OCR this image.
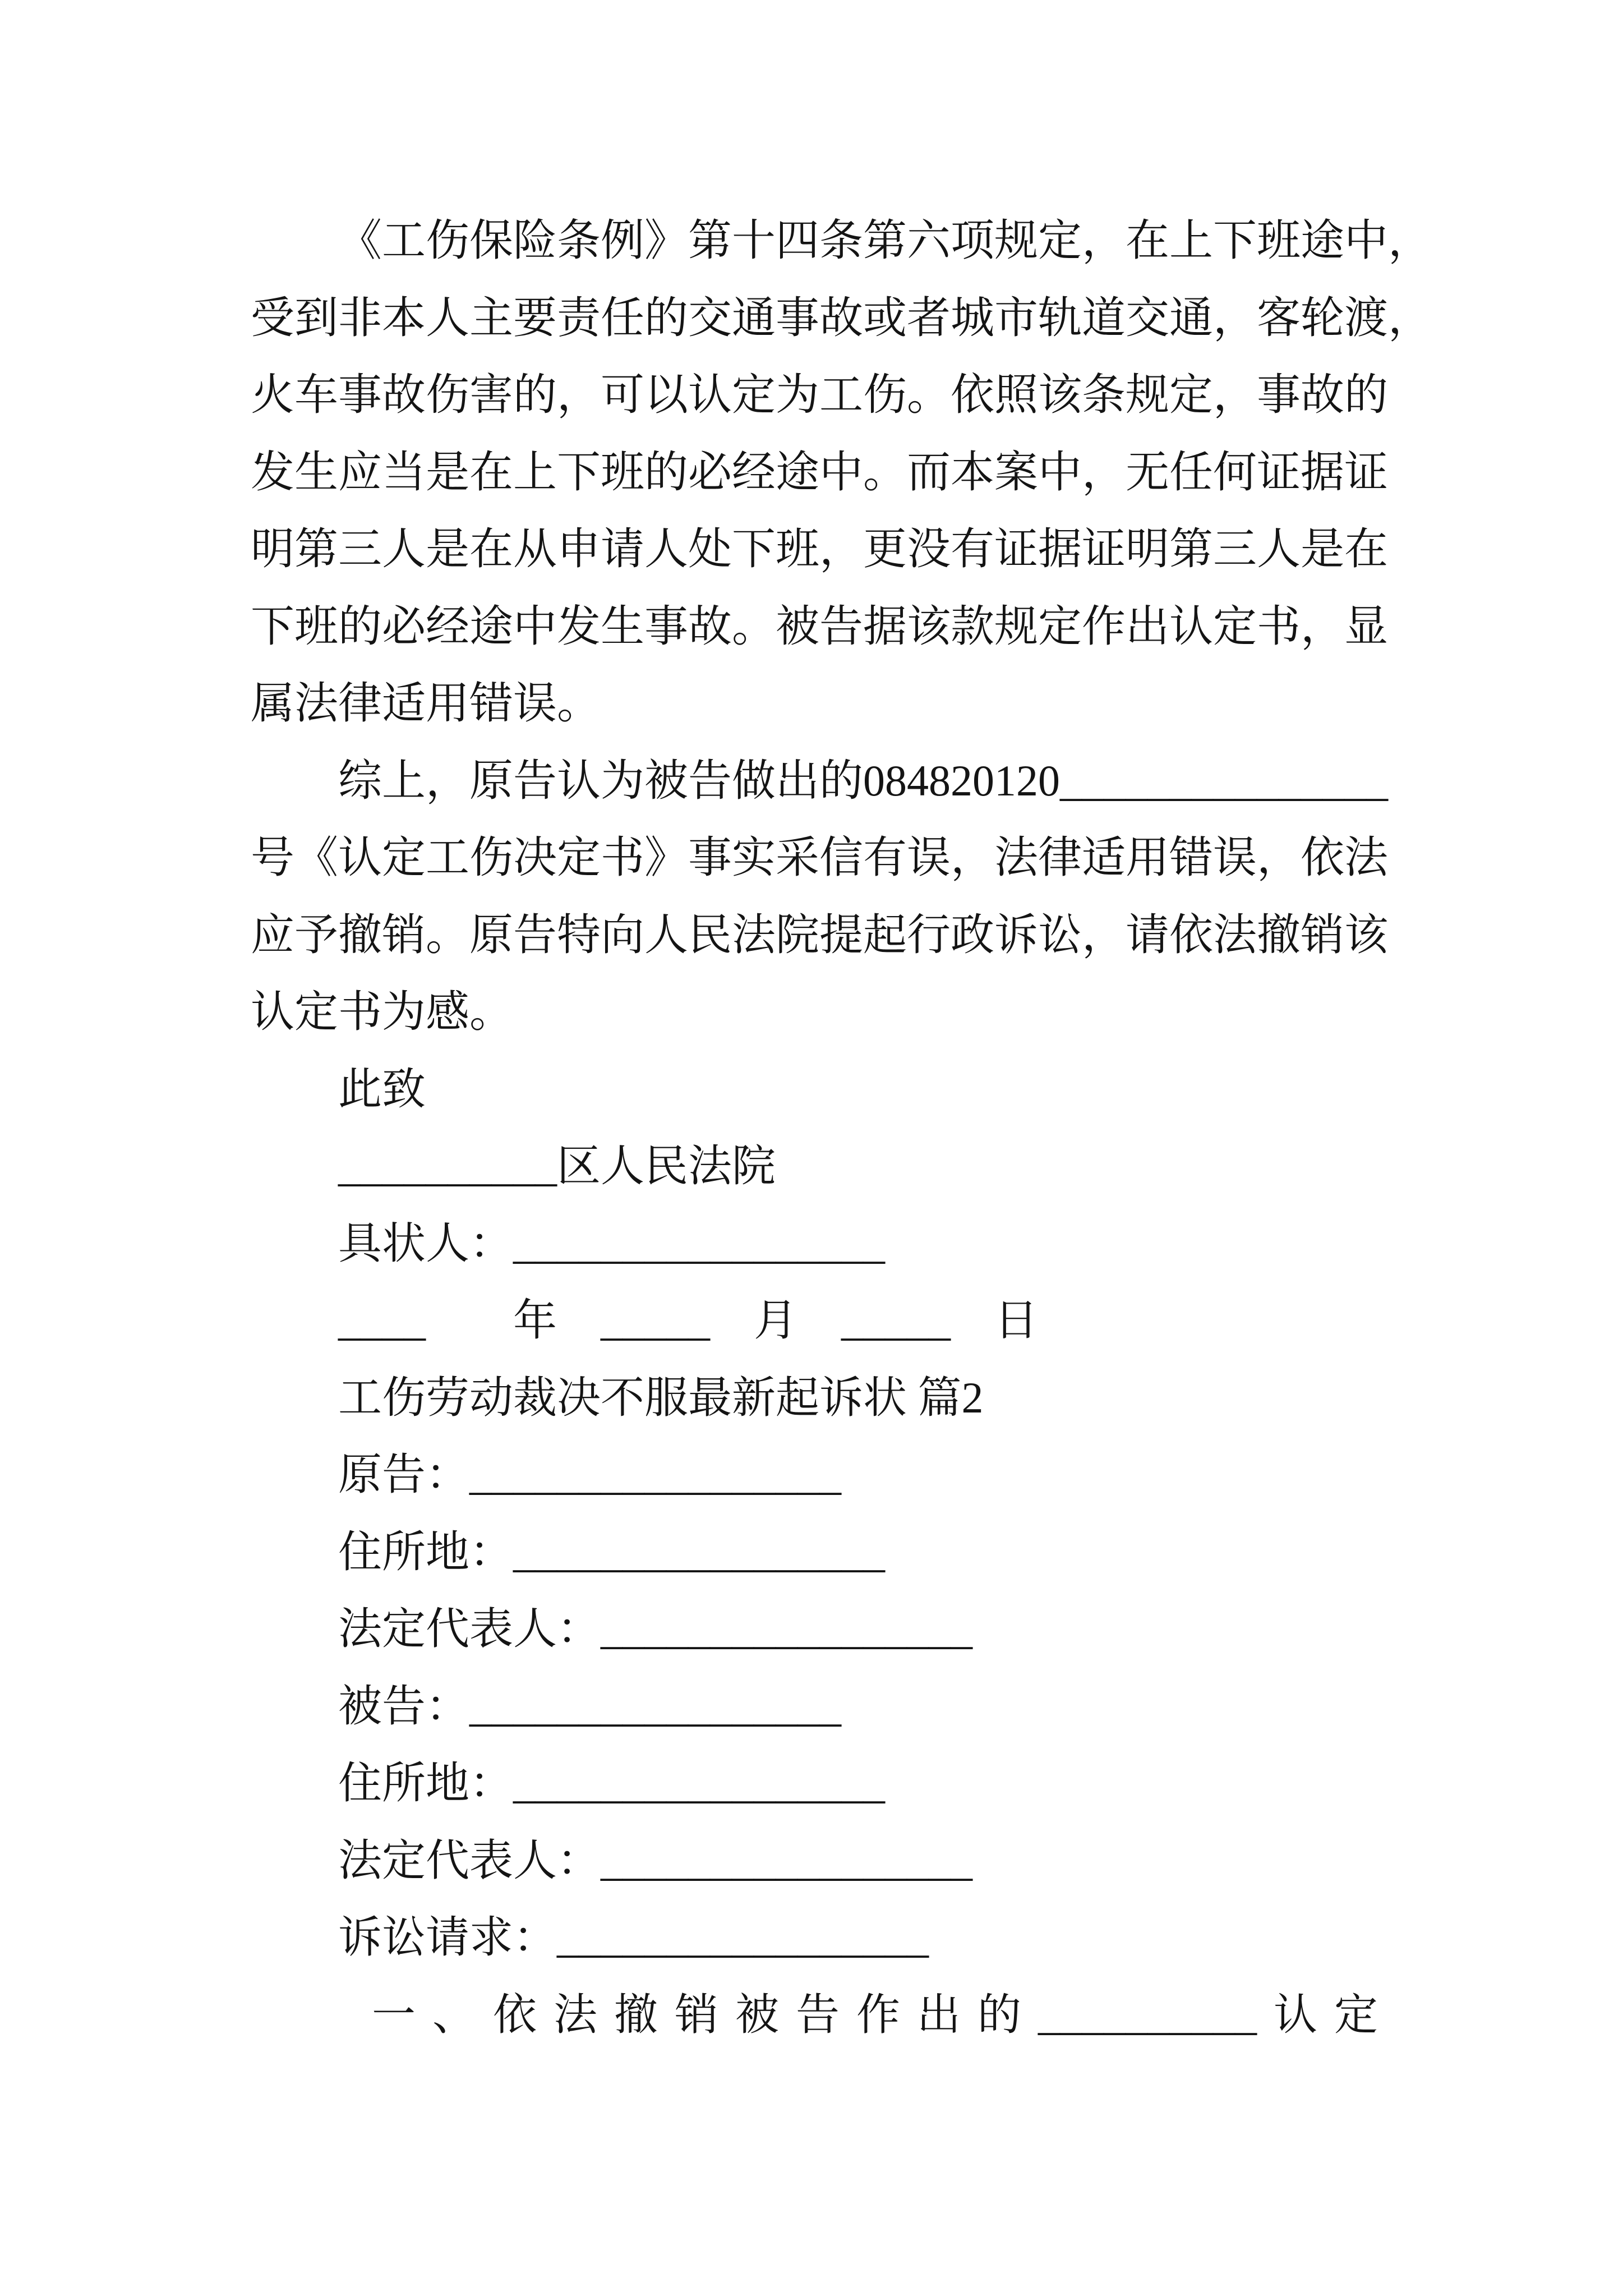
《工伤保险条例》第十四条第六项规定，在上下班途中，
受到非本人主要责任的交通事故或者城市轨道交通，客轮渡，
火车事故伤害的，可以认定为工伤。依照该条规定，事故的
发生应当是在上下班的必经途中。而本案中，无任何证据证
明第三人是在从申请人处下班，更没有证据证明第三人是在
下班的必经途中发生事故。被告据该款规定作出认定书，显
属法律适用错误。
综上，原告认为被告做出的084820120_______________
号《认定工伤决定书》事实采信有误，法律适用错误，依法
应予撤销。原告特向人民法院提起行政诉讼，请依法撤销该
认定书为感。
此致
__________区人民法院
具状人：_________________
____ 年 _____ 月 _____ 日
工伤劳动裁决不服最新起诉状 篇2
原告：_________________
住所地：_________________
法定代表人：_________________
被告：_________________
住所地：_________________
法定代表人：_________________
诉讼请求：_________________
一、依法撤销被告作出的__________ 认定
